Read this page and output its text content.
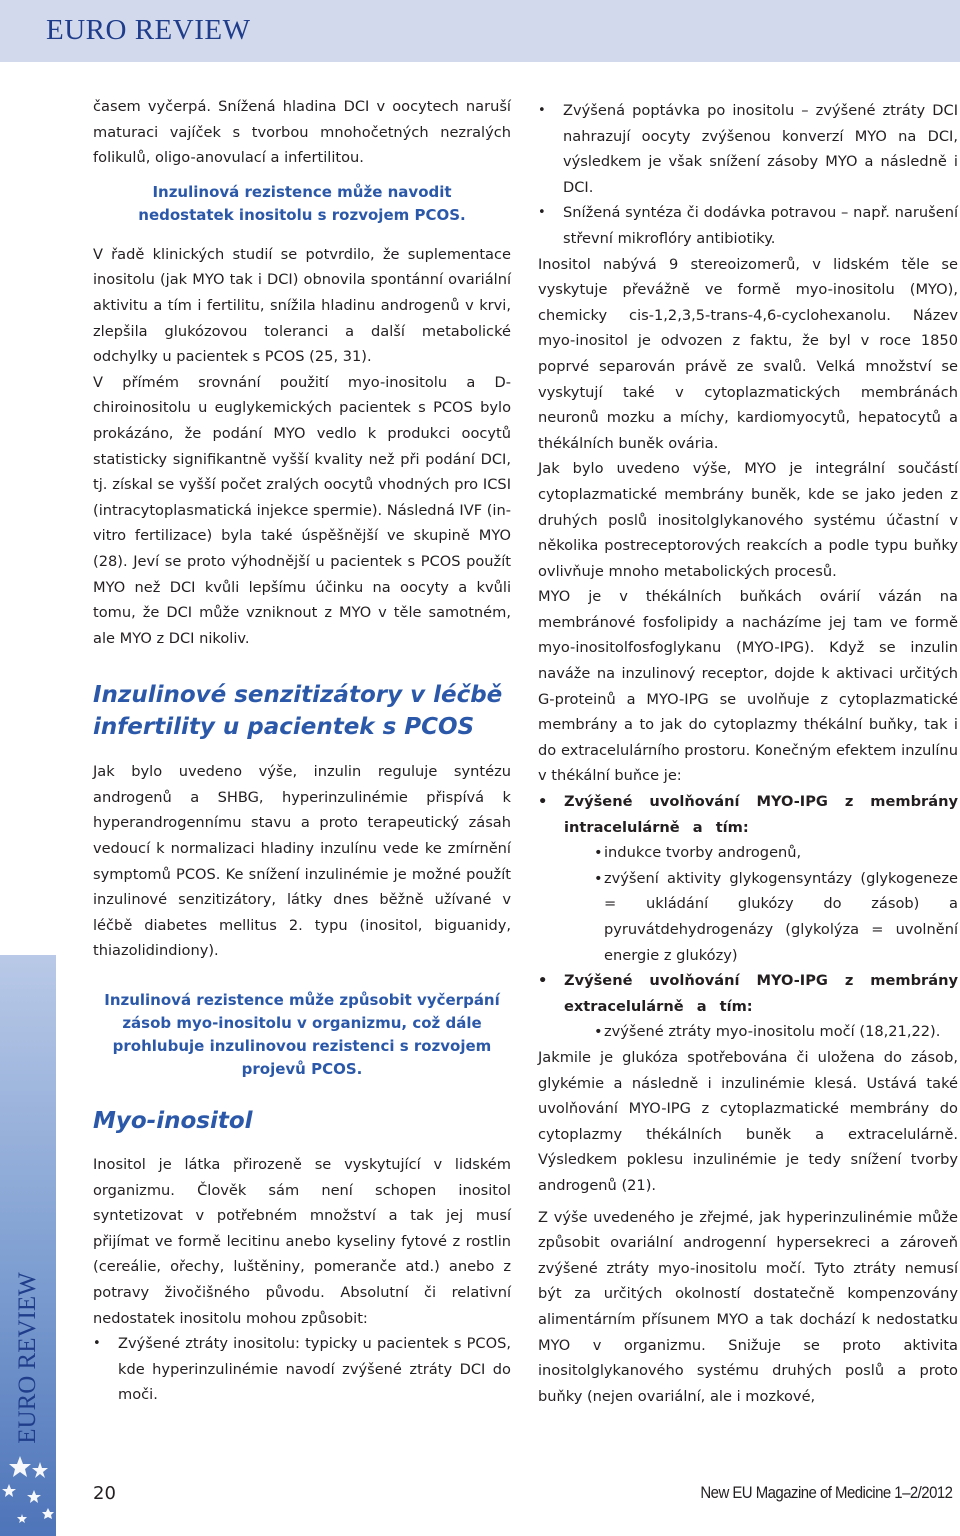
EURO REVIEW
EURO REVIEW

časem vyčerpá. Snížená hladina DCI v oocytech naruší maturaci vajíček s tvorbou mnohočetných nezralých folikulů, oligo-anovulací a infertilitou.

Inzulinová rezistence může navodit nedostatek inositolu s rozvojem PCOS.

V řadě klinických studií se potvrdilo, že suplementace inositolu (jak MYO tak i DCI) obnovila spontánní ovariální aktivitu a tím i fertilitu, snížila hladinu androgenů v krvi, zlepšila glukózovou toleranci a další metabolické odchylky u pacientek s PCOS (25, 31).

V přímém srovnání použití myo-inositolu a D-chiroinositolu u euglykemických pacientek s PCOS bylo prokázáno, že podání MYO vedlo k produkci oocytů statisticky signifikantně vyšší kvality než při podání DCI, tj. získal se vyšší počet zralých oocytů vhodných pro ICSI (intracytoplasmatická injekce spermie). Následná IVF (in-vitro fertilizace) byla také úspěšnější ve skupině MYO (28). Jeví se proto výhodnější u pacientek s PCOS použít MYO než DCI kvůli lepšímu účinku na oocyty a kvůli tomu, že DCI může vzniknout z MYO v těle samotném, ale MYO z DCI nikoliv.

Inzulinové senzitizátory v léčbě infertility u pacientek s PCOS

Jak bylo uvedeno výše, inzulin reguluje syntézu androgenů a SHBG, hyperinzulinémie přispívá k hyperandrogennímu stavu a proto terapeutický zásah vedoucí k normalizaci hladiny inzulínu vede ke zmírnění symptomů PCOS. Ke snížení inzulinémie je možné použít inzulinové senzitizátory, látky dnes běžně užívané v léčbě diabetes mellitus 2. typu (inositol, biguanidy, thiazolidindiony).

Inzulinová rezistence může způsobit vyčerpání zásob myo-inositolu v organizmu, což dále prohlubuje inzulinovou rezistenci s rozvojem projevů PCOS.

Myo-inositol

Inositol je látka přirozeně se vyskytující v lidském organizmu. Člověk sám není schopen inositol syntetizovat v potřebném množství a tak jej musí přijímat ve formě lecitinu anebo kyseliny fytové z rostlin (cereálie, ořechy, luštěniny, pomeranče atd.) anebo z potravy živočišného původu. Absolutní či relativní nedostatek inositolu mohou způsobit:

• Zvýšené ztráty inositolu: typicky u pacientek s PCOS, kde hyperinzulinémie navodí zvýšené ztráty DCI do moči.
• Zvýšená poptávka po inositolu – zvýšené ztráty DCI nahrazují oocyty zvýšenou konverzí MYO na DCI, výsledkem je však snížení zásoby MYO a následně i DCI.
• Snížená syntéza či dodávka potravou – např. narušení střevní mikroflóry antibiotiky.

Inositol nabývá 9 stereoizomerů, v lidském těle se vyskytuje převážně ve formě myo-inositolu (MYO), chemicky cis-1,2,3,5-trans-4,6-cyclohexanolu. Název myo-inositol je odvozen z faktu, že byl v roce 1850 poprvé separován právě ze svalů. Velká množství se vyskytují také v cytoplazmatických membránách neuronů mozku a míchy, kardiomyocytů, hepatocytů a thékálních buněk ovária.

Jak bylo uvedeno výše, MYO je integrální součástí cytoplazmatické membrány buněk, kde se jako jeden z druhých poslů inositolglykanového systému účastní v několika postreceptorových reakcích a podle typu buňky ovlivňuje mnoho metabolických procesů.

MYO je v thékálních buňkách ovárií vázán na membránové fosfolipidy a nacházíme jej tam ve formě myo-inositolfosfoglykanu (MYO-IPG). Když se inzulin naváže na inzulinový receptor, dojde k aktivaci určitých G-proteinů a MYO-IPG se uvolňuje z cytoplazmatické membrány a to jak do cytoplazmy thékální buňky, tak i do extracelulárního prostoru. Konečným efektem inzulínu v thékální buňce je:

• Zvýšené uvolňování MYO-IPG z membrány intracelulárně a tím:
• indukce tvorby androgenů,
• zvýšení aktivity glykogensyntázy (glykogeneze = ukládání glukózy do zásob) a pyruvátdehydrogenázy (glykolýza = uvolnění energie z glukózy)
• Zvýšené uvolňování MYO-IPG z membrány extracelulárně a tím:
• zvýšené ztráty myo-inositolu močí (18,21,22).

Jakmile je glukóza spotřebována či uložena do zásob, glykémie a následně i inzulinémie klesá. Ustává také uvolňování MYO-IPG z cytoplazmatické membrány do cytoplazmy thékálních buněk a extracelulárně. Výsledkem poklesu inzulinémie je tedy snížení tvorby androgenů (21).

Z výše uvedeného je zřejmé, jak hyperinzulinémie může způsobit ovariální androgenní hypersekreci a zároveň zvýšené ztráty myo-inositolu močí. Tyto ztráty nemusí být za určitých okolností dostatečně kompenzovány alimentárním přísunem MYO a tak dochází k nedostatku MYO v organizmu. Snižuje se proto aktivita inositolglykanového systému druhých poslů a proto buňky (nejen ovariální, ale i mozkové,

20	New EU Magazine of Medicine 1–2/2012
